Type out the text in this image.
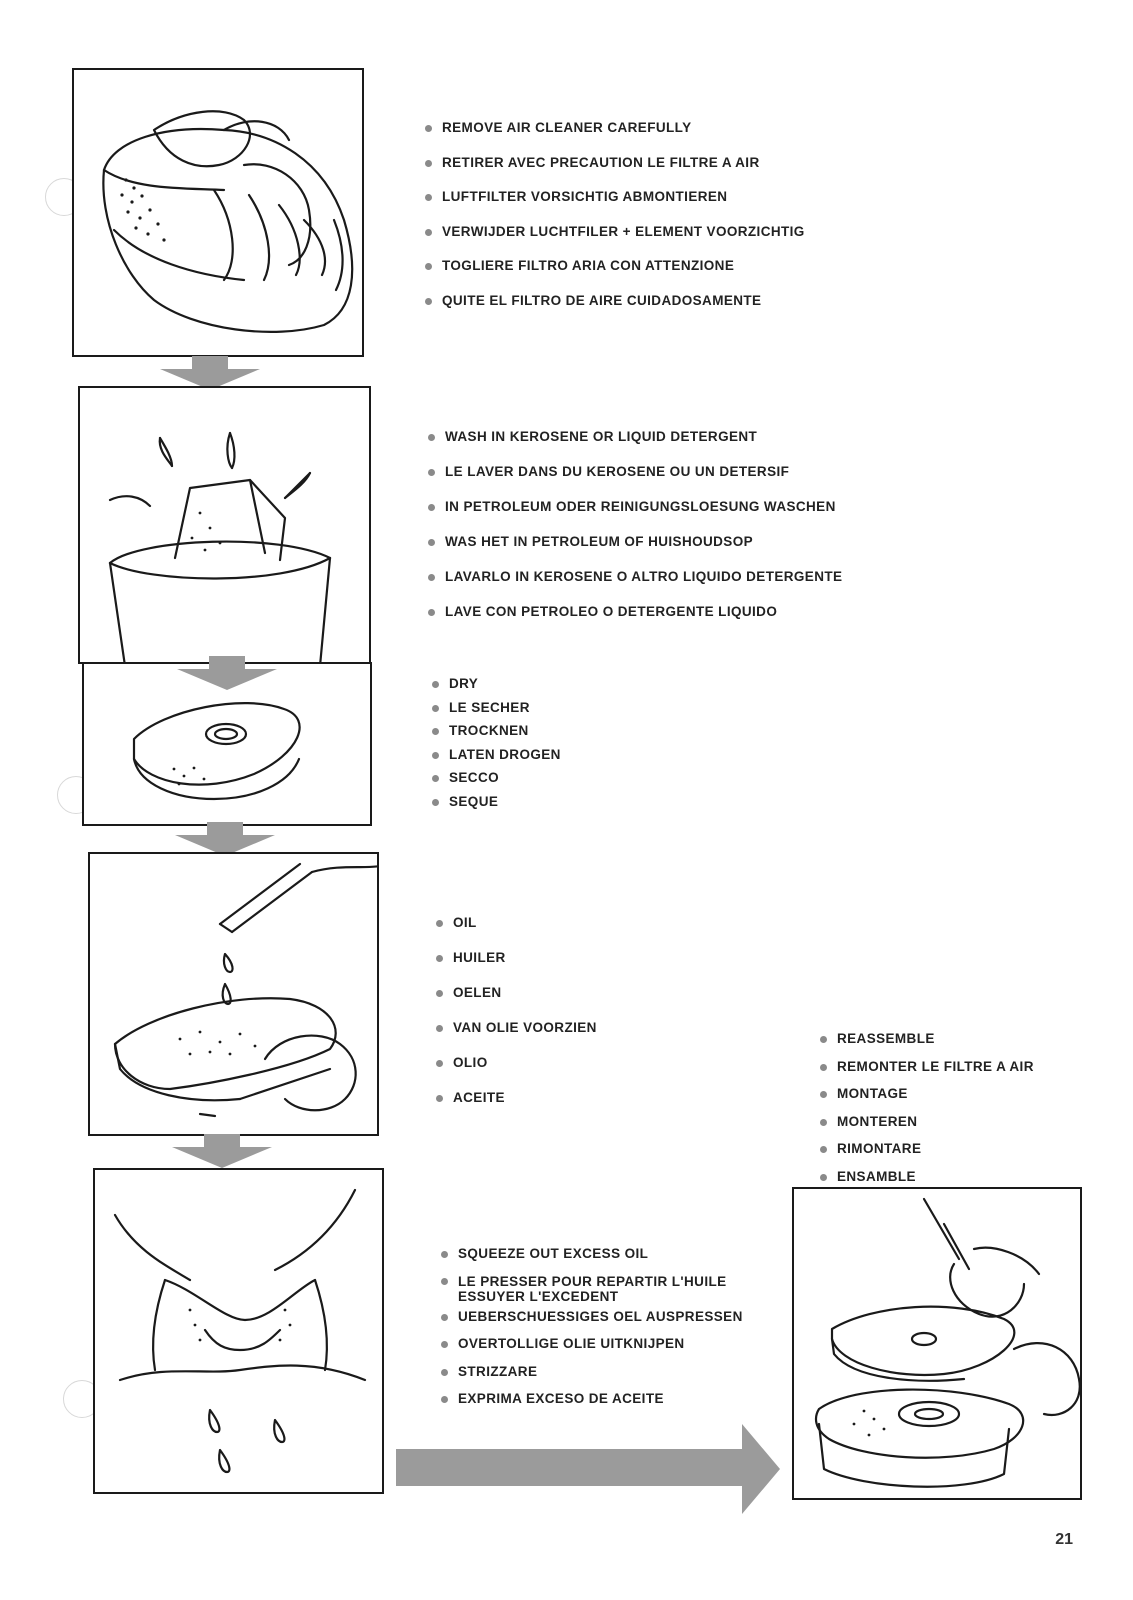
REMOVE AIR CLEANER CAREFULLY
RETIRER AVEC PRECAUTION LE FILTRE A AIR
LUFTFILTER VORSICHTIG ABMONTIEREN
VERWIJDER LUCHTFILER + ELEMENT VOORZICHTIG
TOGLIERE FILTRO ARIA CON ATTENZIONE
QUITE EL FILTRO DE AIRE CUIDADOSAMENTE
WASH IN KEROSENE OR LIQUID DETERGENT
LE LAVER DANS DU KEROSENE OU UN DETERSIF
IN PETROLEUM ODER REINIGUNGSLOESUNG WASCHEN
WAS HET IN PETROLEUM OF HUISHOUDSOP
LAVARLO IN KEROSENE O ALTRO LIQUIDO DETERGENTE
LAVE CON PETROLEO O DETERGENTE LIQUIDO
DRY
LE SECHER
TROCKNEN
LATEN DROGEN
SECCO
SEQUE
OIL
HUILER
OELEN
VAN OLIE VOORZIEN
OLIO
ACEITE
REASSEMBLE
REMONTER LE FILTRE A AIR
MONTAGE
MONTEREN
RIMONTARE
ENSAMBLE
SQUEEZE OUT EXCESS OIL
LE PRESSER POUR REPARTIR L'HUILE ESSUYER L'EXCEDENT
UEBERSCHUESSIGES OEL AUSPRESSEN
OVERTOLLIGE OLIE UITKNIJPEN
STRIZZARE
EXPRIMA EXCESO DE ACEITE
21
